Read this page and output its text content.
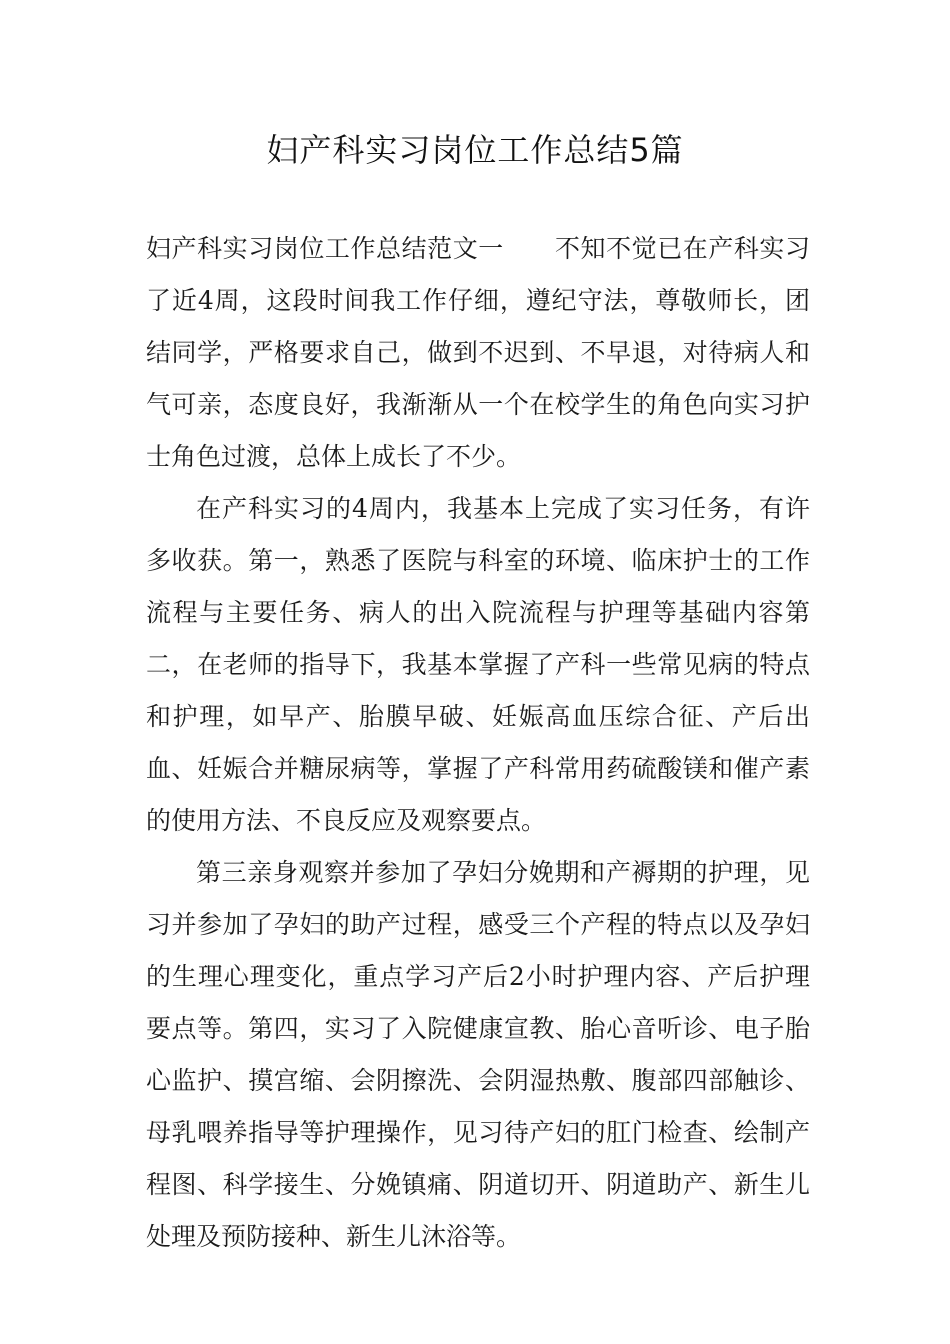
妇产科实习岗位工作总结5篇

妇产科实习岗位工作总结范文一　　不知不觉已在产科实习了近4周，这段时间我工作仔细，遵纪守法，尊敬师长，团结同学，严格要求自己，做到不迟到、不早退，对待病人和气可亲，态度良好，我渐渐从一个在校学生的角色向实习护士角色过渡，总体上成长了不少。

在产科实习的4周内，我基本上完成了实习任务，有许多收获。第一，熟悉了医院与科室的环境、临床护士的工作流程与主要任务、病人的出入院流程与护理等基础内容第二，在老师的指导下，我基本掌握了产科一些常见病的特点和护理，如早产、胎膜早破、妊娠高血压综合征、产后出血、妊娠合并糖尿病等，掌握了产科常用药硫酸镁和催产素的使用方法、不良反应及观察要点。

第三亲身观察并参加了孕妇分娩期和产褥期的护理，见习并参加了孕妇的助产过程，感受三个产程的特点以及孕妇的生理心理变化，重点学习产后2小时护理内容、产后护理要点等。第四，实习了入院健康宣教、胎心音听诊、电子胎心监护、摸宫缩、会阴擦洗、会阴湿热敷、腹部四部触诊、母乳喂养指导等护理操作，见习待产妇的肛门检查、绘制产程图、科学接生、分娩镇痛、阴道切开、阴道助产、新生儿处理及预防接种、新生儿沐浴等。
